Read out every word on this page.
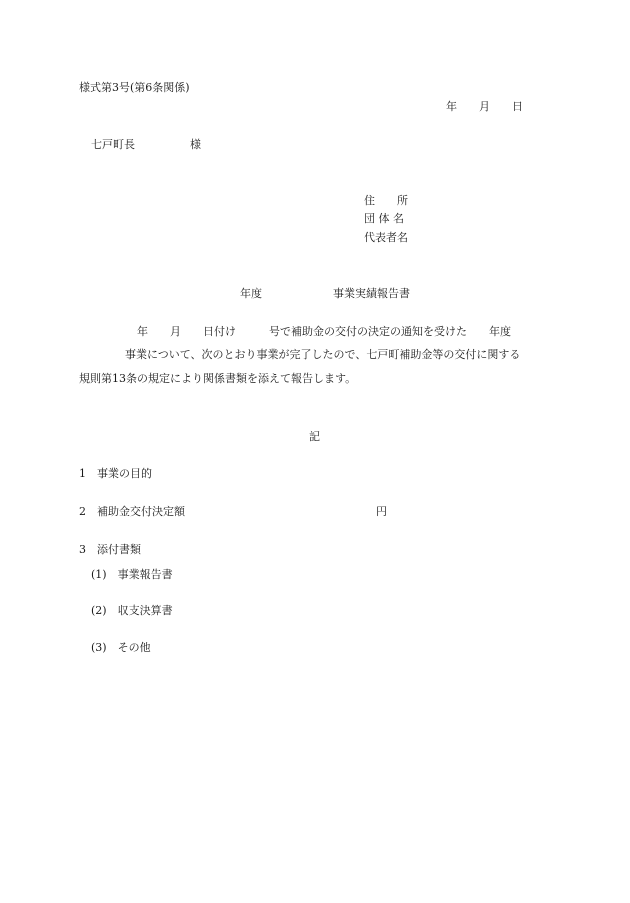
様式第3号(第6条関係)
年　　月　　日
七戸町長　　　　　様
住　　所
団 体 名
代表者名
年度	事業実績報告書
年　　月　　日付け　　　号で補助金の交付の決定の通知を受けた　　年度
事業について、次のとおり事業が完了したので、七戸町補助金等の交付に関する
規則第13条の規定により関係書類を添えて報告します。
記
1　事業の目的
2　補助金交付決定額	円
3　添付書類
(1)　事業報告書
(2)　収支決算書
(3)　その他
